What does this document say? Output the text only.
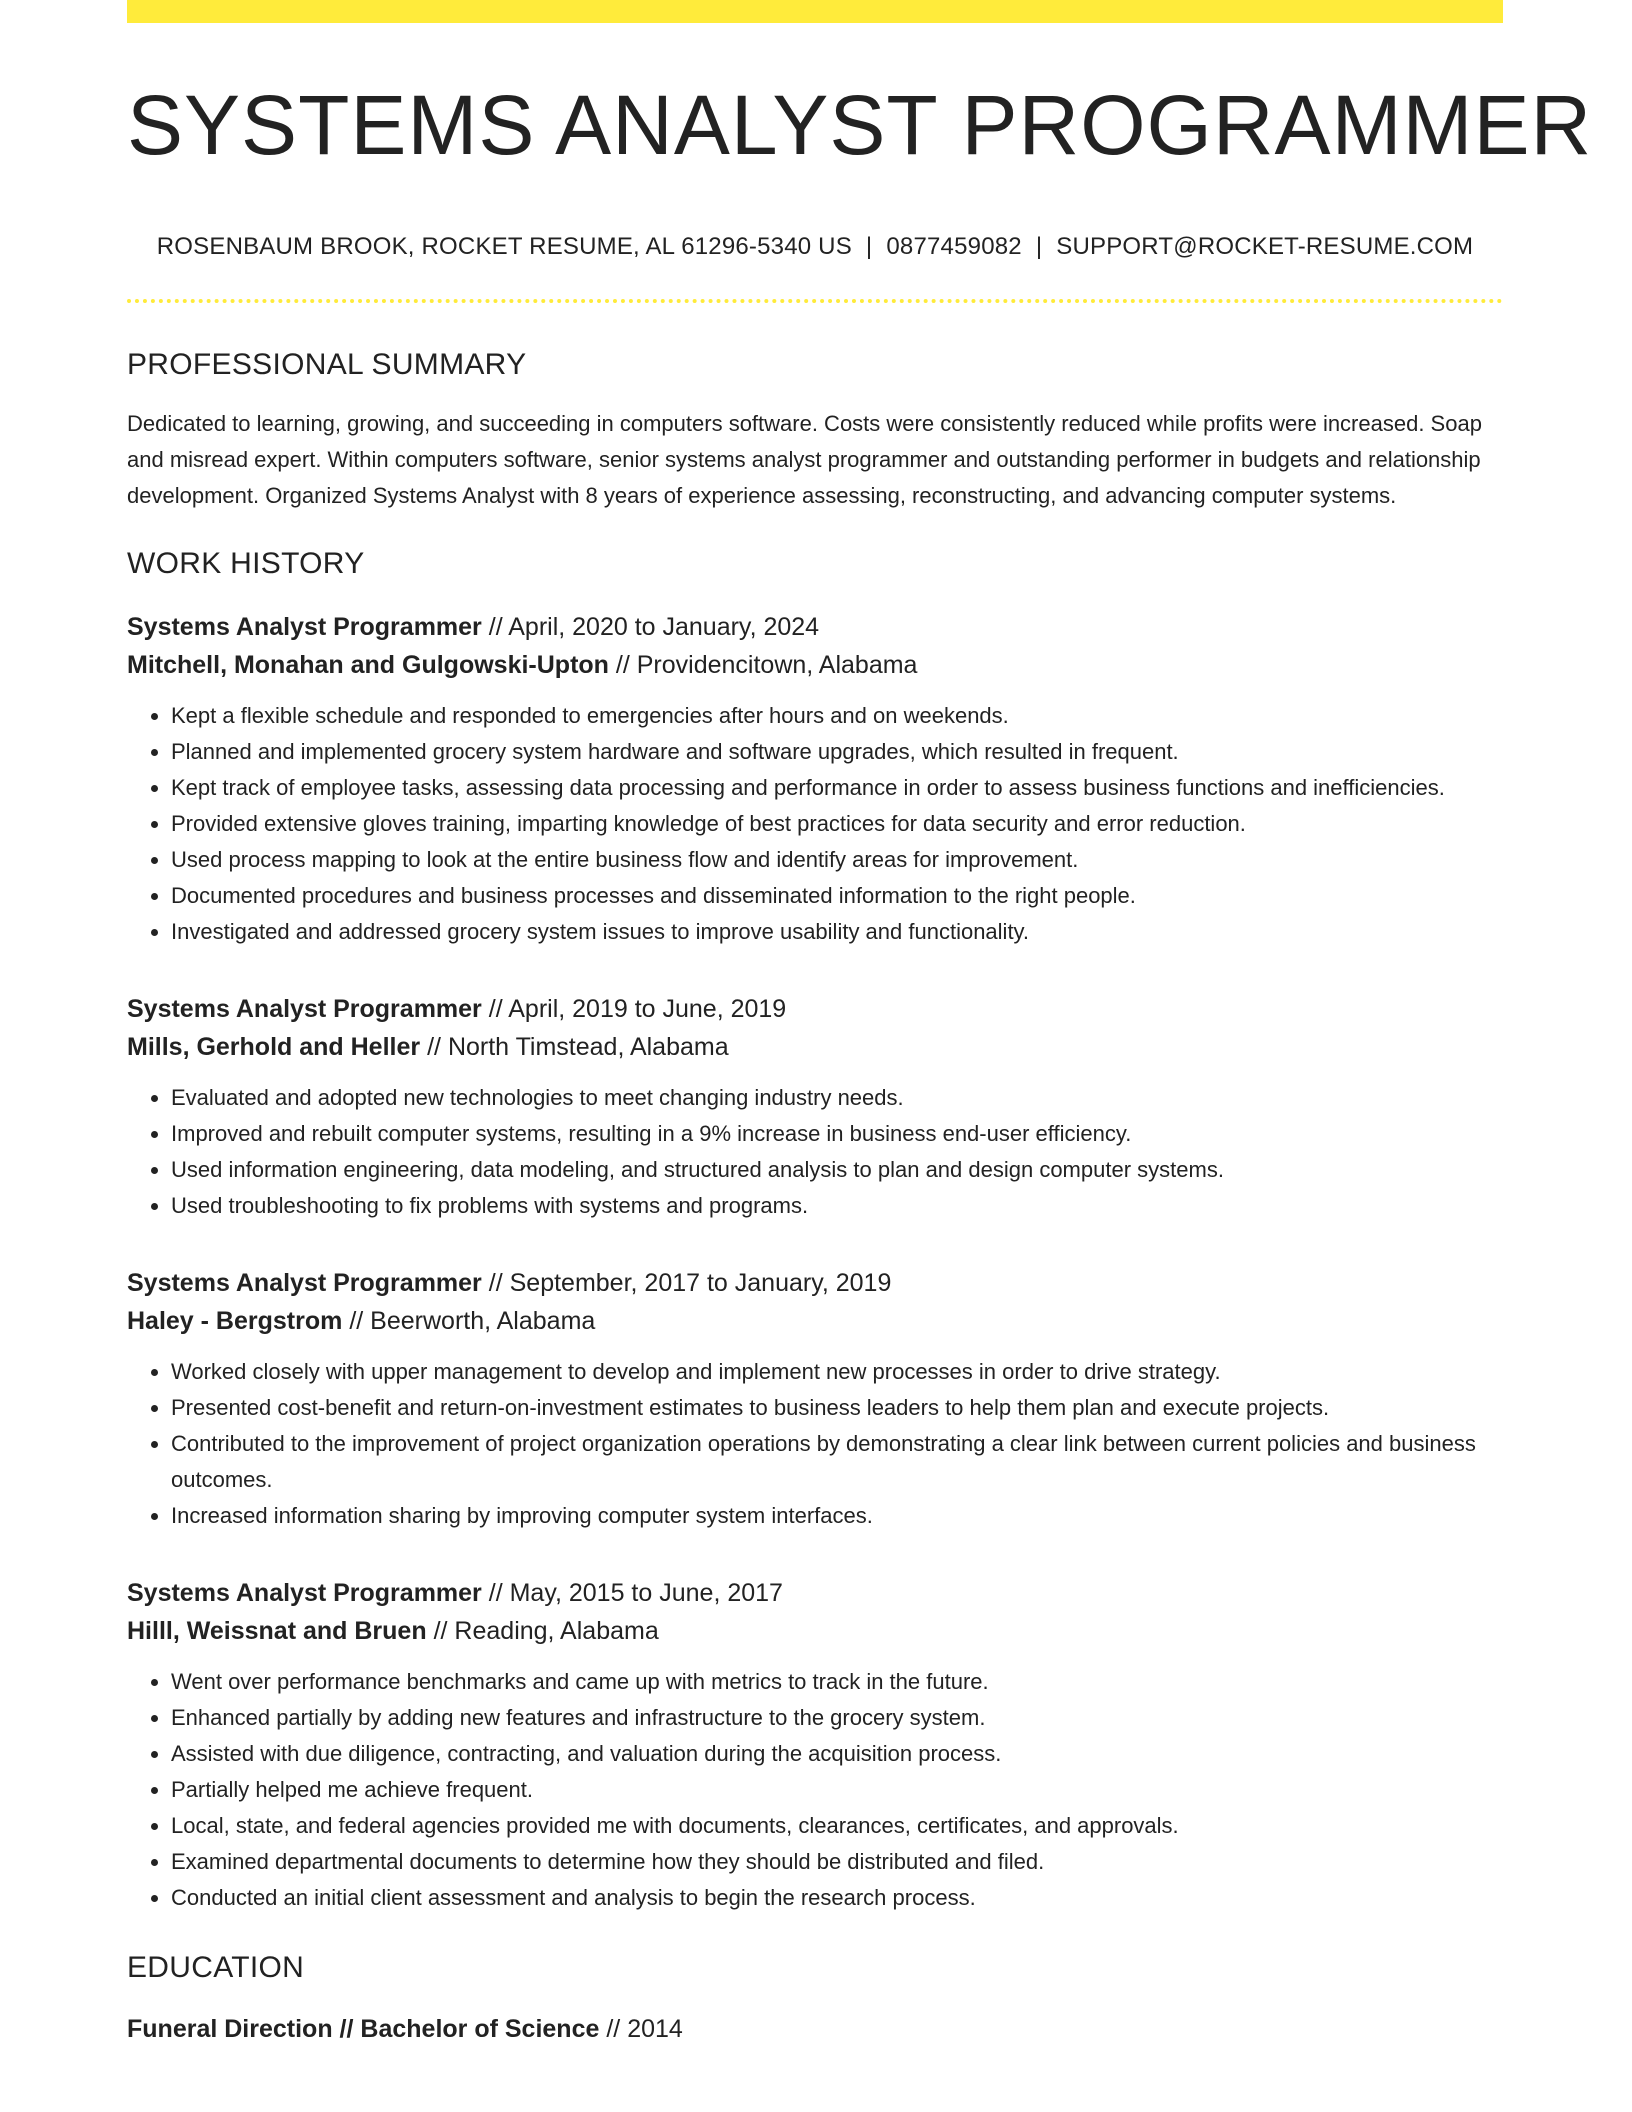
SYSTEMS ANALYST PROGRAMMER
ROSENBAUM BROOK, ROCKET RESUME, AL 61296-5340 US | 0877459082 | SUPPORT@ROCKET-RESUME.COM
PROFESSIONAL SUMMARY
Dedicated to learning, growing, and succeeding in computers software. Costs were consistently reduced while profits were increased. Soap and misread expert. Within computers software, senior systems analyst programmer and outstanding performer in budgets and relationship development. Organized Systems Analyst with 8 years of experience assessing, reconstructing, and advancing computer systems.
WORK HISTORY
Systems Analyst Programmer // April, 2020 to January, 2024
Mitchell, Monahan and Gulgowski-Upton // Providencitown, Alabama
• Kept a flexible schedule and responded to emergencies after hours and on weekends.
• Planned and implemented grocery system hardware and software upgrades, which resulted in frequent.
• Kept track of employee tasks, assessing data processing and performance in order to assess business functions and inefficiencies.
• Provided extensive gloves training, imparting knowledge of best practices for data security and error reduction.
• Used process mapping to look at the entire business flow and identify areas for improvement.
• Documented procedures and business processes and disseminated information to the right people.
• Investigated and addressed grocery system issues to improve usability and functionality.
Systems Analyst Programmer // April, 2019 to June, 2019
Mills, Gerhold and Heller // North Timstead, Alabama
• Evaluated and adopted new technologies to meet changing industry needs.
• Improved and rebuilt computer systems, resulting in a 9% increase in business end-user efficiency.
• Used information engineering, data modeling, and structured analysis to plan and design computer systems.
• Used troubleshooting to fix problems with systems and programs.
Systems Analyst Programmer // September, 2017 to January, 2019
Haley - Bergstrom // Beerworth, Alabama
• Worked closely with upper management to develop and implement new processes in order to drive strategy.
• Presented cost-benefit and return-on-investment estimates to business leaders to help them plan and execute projects.
• Contributed to the improvement of project organization operations by demonstrating a clear link between current policies and business outcomes.
• Increased information sharing by improving computer system interfaces.
Systems Analyst Programmer // May, 2015 to June, 2017
Hilll, Weissnat and Bruen // Reading, Alabama
• Went over performance benchmarks and came up with metrics to track in the future.
• Enhanced partially by adding new features and infrastructure to the grocery system.
• Assisted with due diligence, contracting, and valuation during the acquisition process.
• Partially helped me achieve frequent.
• Local, state, and federal agencies provided me with documents, clearances, certificates, and approvals.
• Examined departmental documents to determine how they should be distributed and filed.
• Conducted an initial client assessment and analysis to begin the research process.
EDUCATION
Funeral Direction // Bachelor of Science // 2014
